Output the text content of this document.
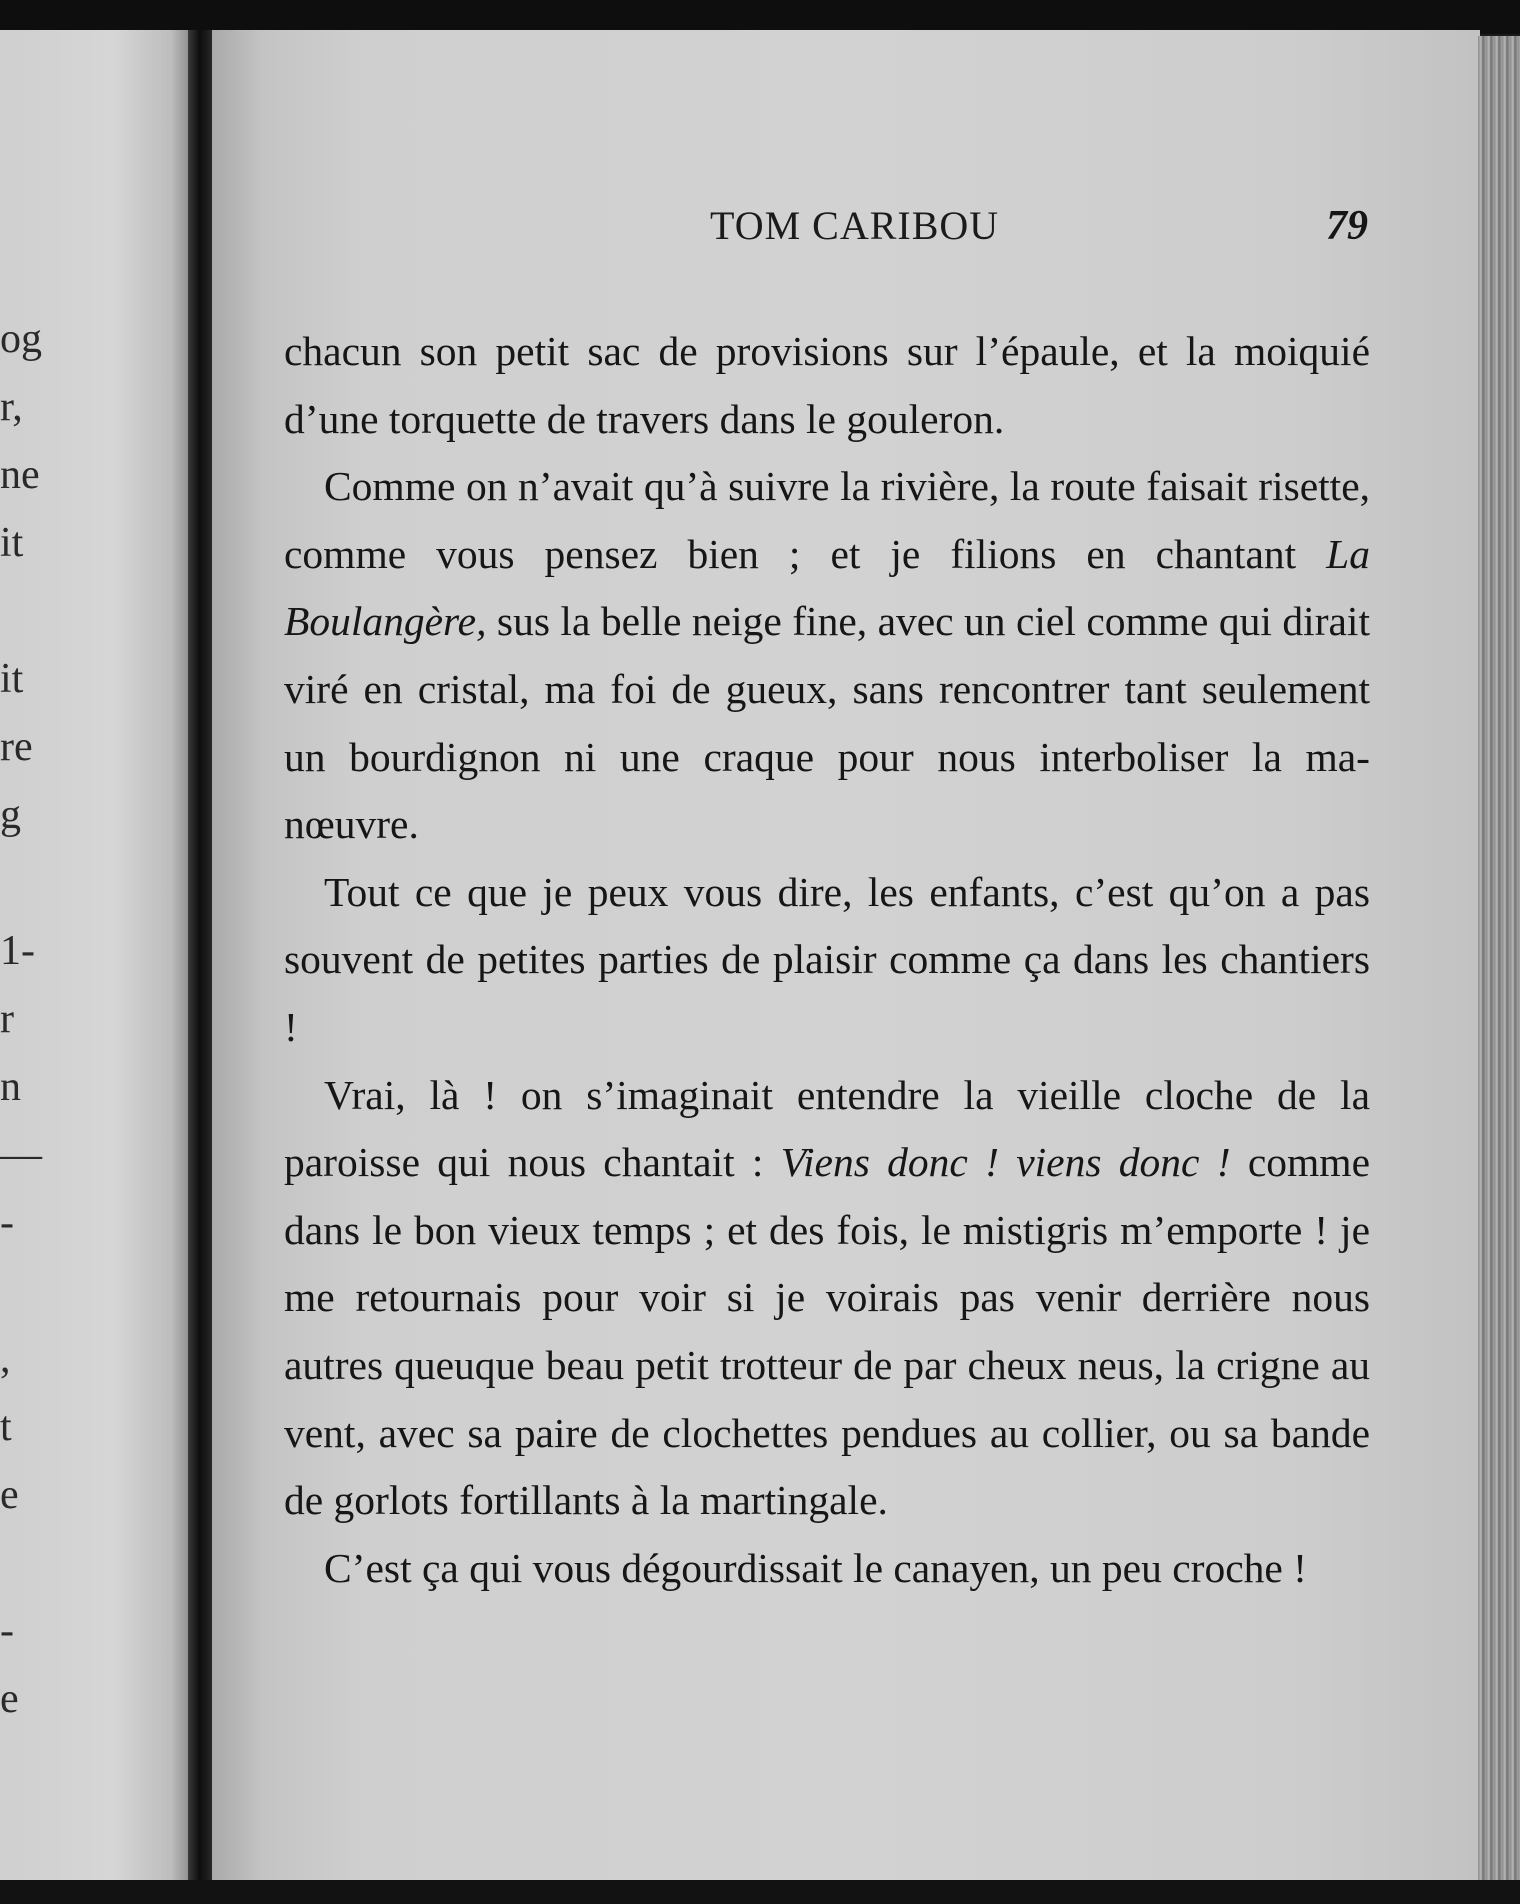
og
r,
ne
it
it
re
g
1-
r
n
—
-
,
t
e
-
e
TOM CARIBOU	79

chacun son petit sac de provisions sur l’épaule, et la moiquié d’une torquette de travers dans le gouleron.

Comme on n’avait qu’à suivre la rivière, la route faisait risette, comme vous pensez bien ; et je filions en chantant La Boulangère, sus la belle neige fine, avec un ciel comme qui dirait viré en cristal, ma foi de gueux, sans rencontrer tant seulement un bourdignon ni une craque pour nous interboliser la manœuvre.

Tout ce que je peux vous dire, les enfants, c’est qu’on a pas souvent de petites parties de plaisir comme ça dans les chantiers !

Vrai, là ! on s’imaginait entendre la vieille cloche de la paroisse qui nous chantait : Viens donc ! viens donc ! comme dans le bon vieux temps ; et des fois, le mistigris m’emporte ! je me retournais pour voir si je voirais pas venir derrière nous autres queuque beau petit trotteur de par cheux neus, la crigne au vent, avec sa paire de clochettes pendues au collier, ou sa bande de gorlots fortillants à la martingale.

C’est ça qui vous dégourdissait le canayen, un peu croche !
